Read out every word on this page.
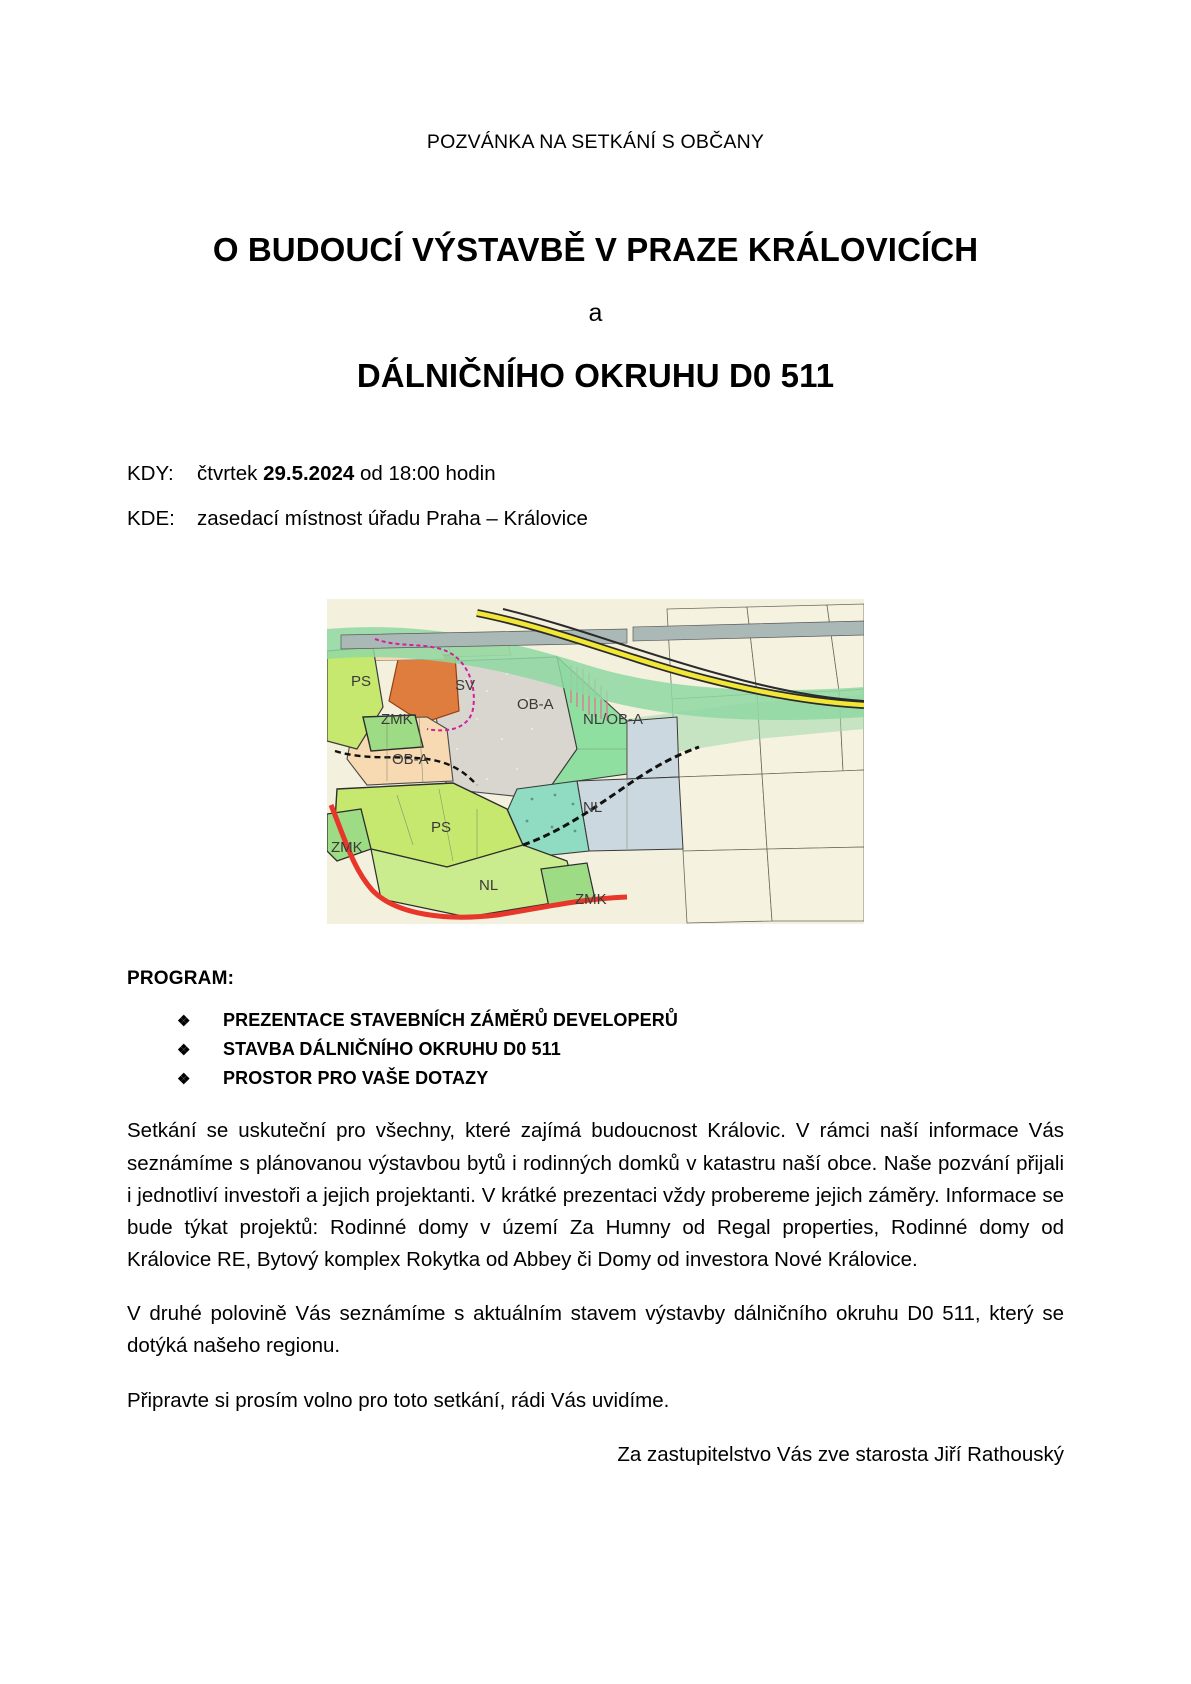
POZVÁNKA NA SETKÁNÍ S OBČANY

O BUDOUCÍ VÝSTAVBĚ V PRAZE KRÁLOVICÍCH

a

DÁLNIČNÍHO OKRUHU D0 511
KDY:	čtvrtek 29.5.2024 od 18:00 hodin
KDE:	zasedací místnost úřadu Praha – Královice
PS	SV
ZMK
OB-A
OB-A
NL/OB-A
NL
PS
ZMK
NL
ZMK
PROGRAM:
❖	PREZENTACE STAVEBNÍCH ZÁMĚRŮ DEVELOPERŮ
❖	STAVBA DÁLNIČNÍHO OKRUHU D0 511
❖	PROSTOR PRO VAŠE DOTAZY

Setkání se uskuteční pro všechny, které zajímá budoucnost Královic. V rámci naší informace Vás seznámíme s plánovanou výstavbou bytů i rodinných domků v katastru naší obce. Naše pozvání přijali i jednotliví investoři a jejich projektanti. V krátké prezentaci vždy probereme jejich záměry. Informace se bude týkat projektů: Rodinné domy v území Za Humny od Regal properties, Rodinné domy od Královice RE, Bytový komplex Rokytka od Abbey či Domy od investora Nové Královice.

V druhé polovině Vás seznámíme s aktuálním stavem výstavby dálničního okruhu D0 511, který se dotýká našeho regionu.

Připravte si prosím volno pro toto setkání, rádi Vás uvidíme.

Za zastupitelstvo Vás zve starosta Jiří Rathouský
